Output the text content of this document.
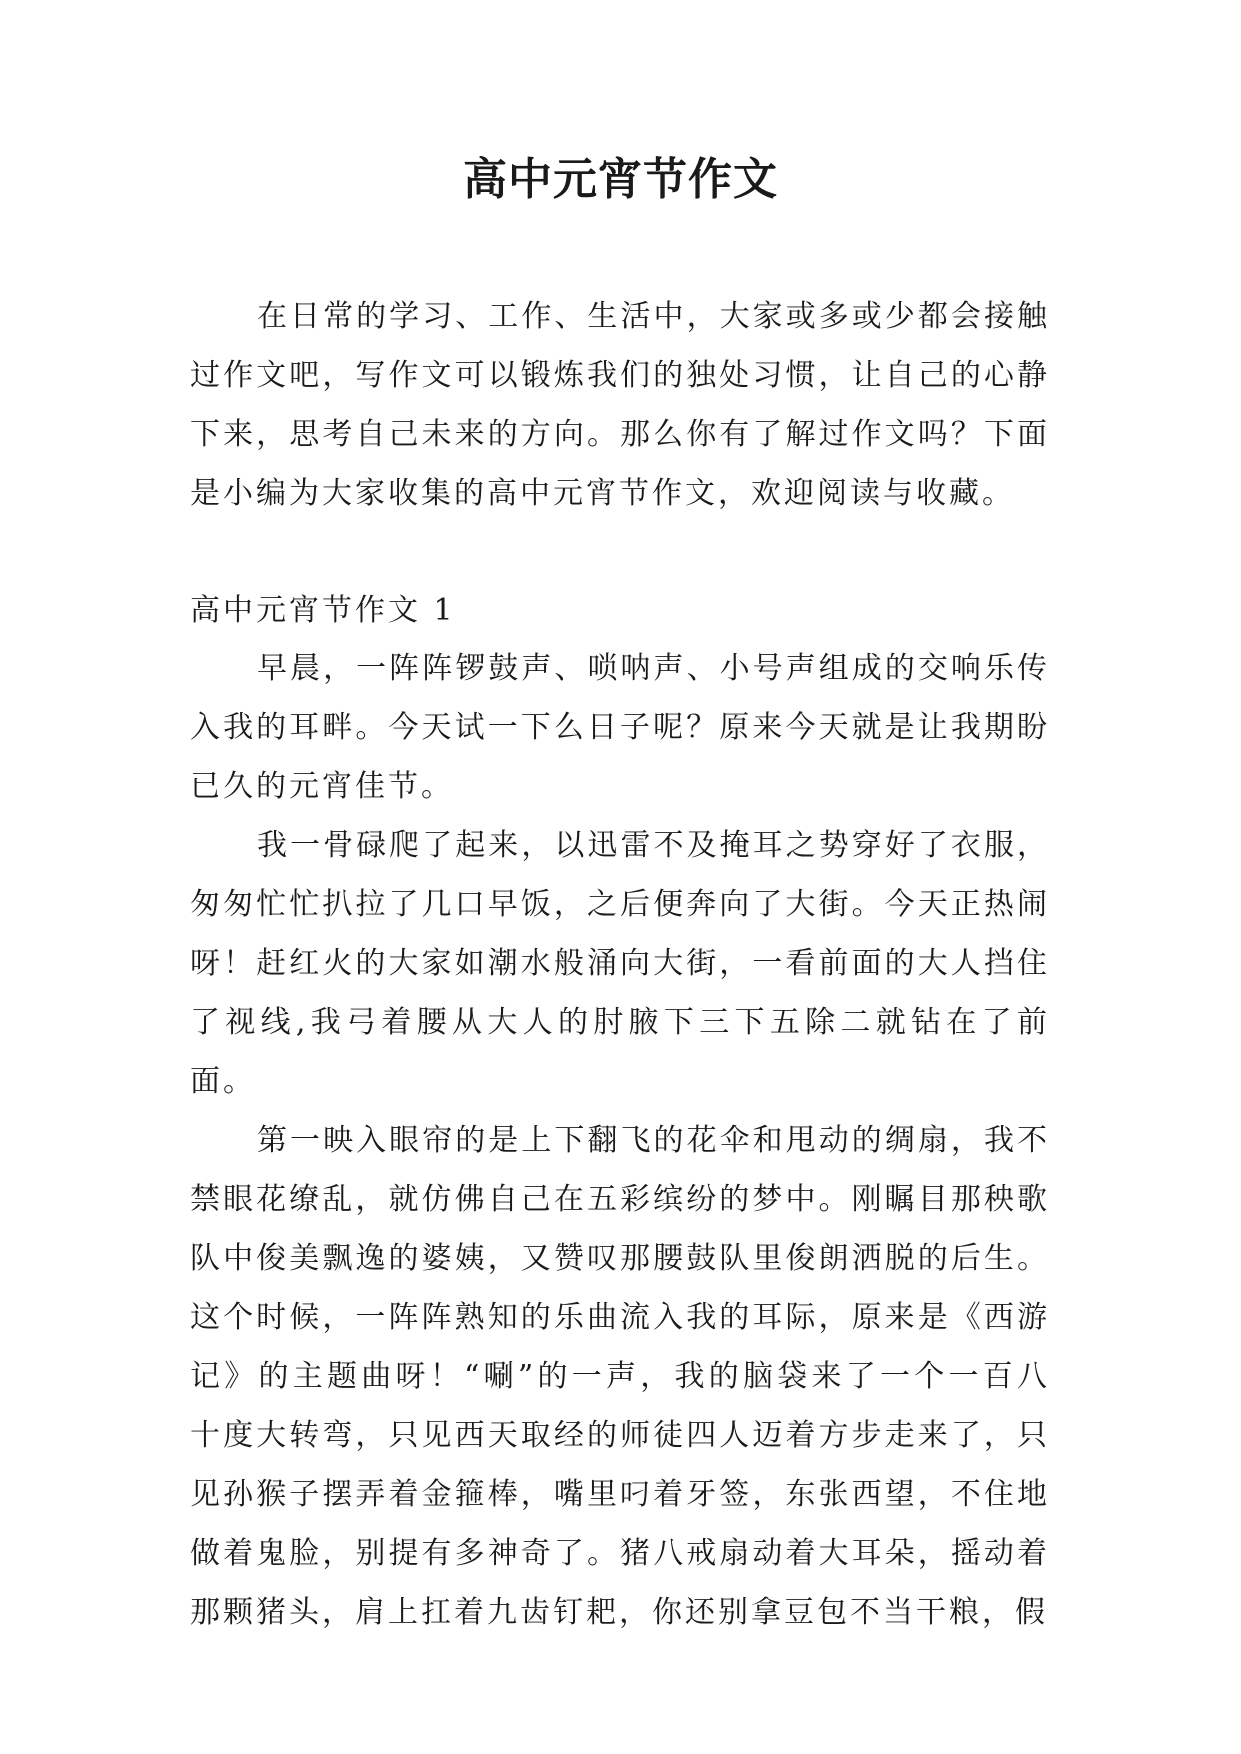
高中元宵节作文

在日常的学习、工作、生活中，大家或多或少都会接触过作文吧，写作文可以锻炼我们的独处习惯，让自己的心静下来，思考自己未来的方向。那么你有了解过作文吗？下面是小编为大家收集的高中元宵节作文，欢迎阅读与收藏。

高中元宵节作文 1

早晨，一阵阵锣鼓声、唢呐声、小号声组成的交响乐传入我的耳畔。今天试一下么日子呢？原来今天就是让我期盼已久的元宵佳节。

我一骨碌爬了起来，以迅雷不及掩耳之势穿好了衣服，匆匆忙忙扒拉了几口早饭，之后便奔向了大街。今天正热闹呀！赶红火的大家如潮水般涌向大街，一看前面的大人挡住了视线,我弓着腰从大人的肘腋下三下五除二就钻在了前面。

第一映入眼帘的是上下翻飞的花伞和甩动的绸扇，我不禁眼花缭乱，就仿佛自己在五彩缤纷的梦中。刚瞩目那秧歌队中俊美飘逸的婆姨，又赞叹那腰鼓队里俊朗洒脱的后生。这个时候，一阵阵熟知的乐曲流入我的耳际，原来是《西游记》的主题曲呀！“唰”的一声，我的脑袋来了一个一百八十度大转弯，只见西天取经的师徒四人迈着方步走来了，只见孙猴子摆弄着金箍棒，嘴里叼着牙签，东张西望，不住地做着鬼脸，别提有多神奇了。猪八戒扇动着大耳朵，摇动着那颗猪头，肩上扛着九齿钉耙，你还别拿豆包不当干粮，假
